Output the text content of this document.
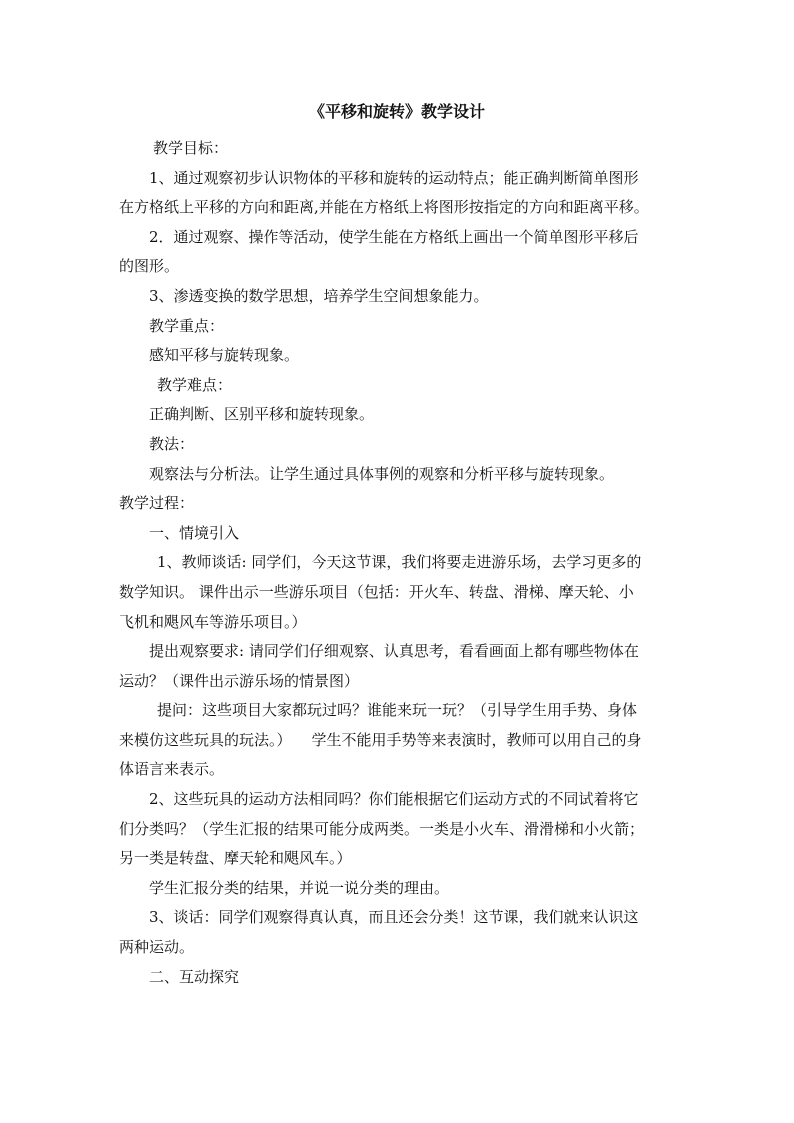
《平移和旋转》教学设计
教学目标：
1、通过观察初步认识物体的平移和旋转的运动特点；能正确判断简单图形
在方格纸上平移的方向和距离,并能在方格纸上将图形按指定的方向和距离平移。
2．通过观察、操作等活动，使学生能在方格纸上画出一个简单图形平移后
的图形。
3、渗透变换的数学思想，培养学生空间想象能力。
教学重点：
感知平移与旋转现象。
教学难点：
正确判断、区别平移和旋转现象。
教法：
观察法与分析法。让学生通过具体事例的观察和分析平移与旋转现象。
教学过程：
一、情境引入
1、教师谈话: 同学们，今天这节课，我们将要走进游乐场，去学习更多的
数学知识。 课件出示一些游乐项目（包括：开火车、转盘、滑梯、摩天轮、小
飞机和飓风车等游乐项目。）
提出观察要求: 请同学们仔细观察、认真思考，看看画面上都有哪些物体在
运动？（课件出示游乐场的情景图）
提问：这些项目大家都玩过吗？谁能来玩一玩？（引导学生用手势、身体
来模仿这些玩具的玩法。） 学生不能用手势等来表演时，教师可以用自己的身
体语言来表示。
2、这些玩具的运动方法相同吗？你们能根据它们运动方式的不同试着将它
们分类吗？（学生汇报的结果可能分成两类。一类是小火车、滑滑梯和小火箭；
另一类是转盘、摩天轮和飓风车。）
学生汇报分类的结果，并说一说分类的理由。
3、谈话：同学们观察得真认真，而且还会分类！这节课，我们就来认识这
两种运动。
二、互动探究
